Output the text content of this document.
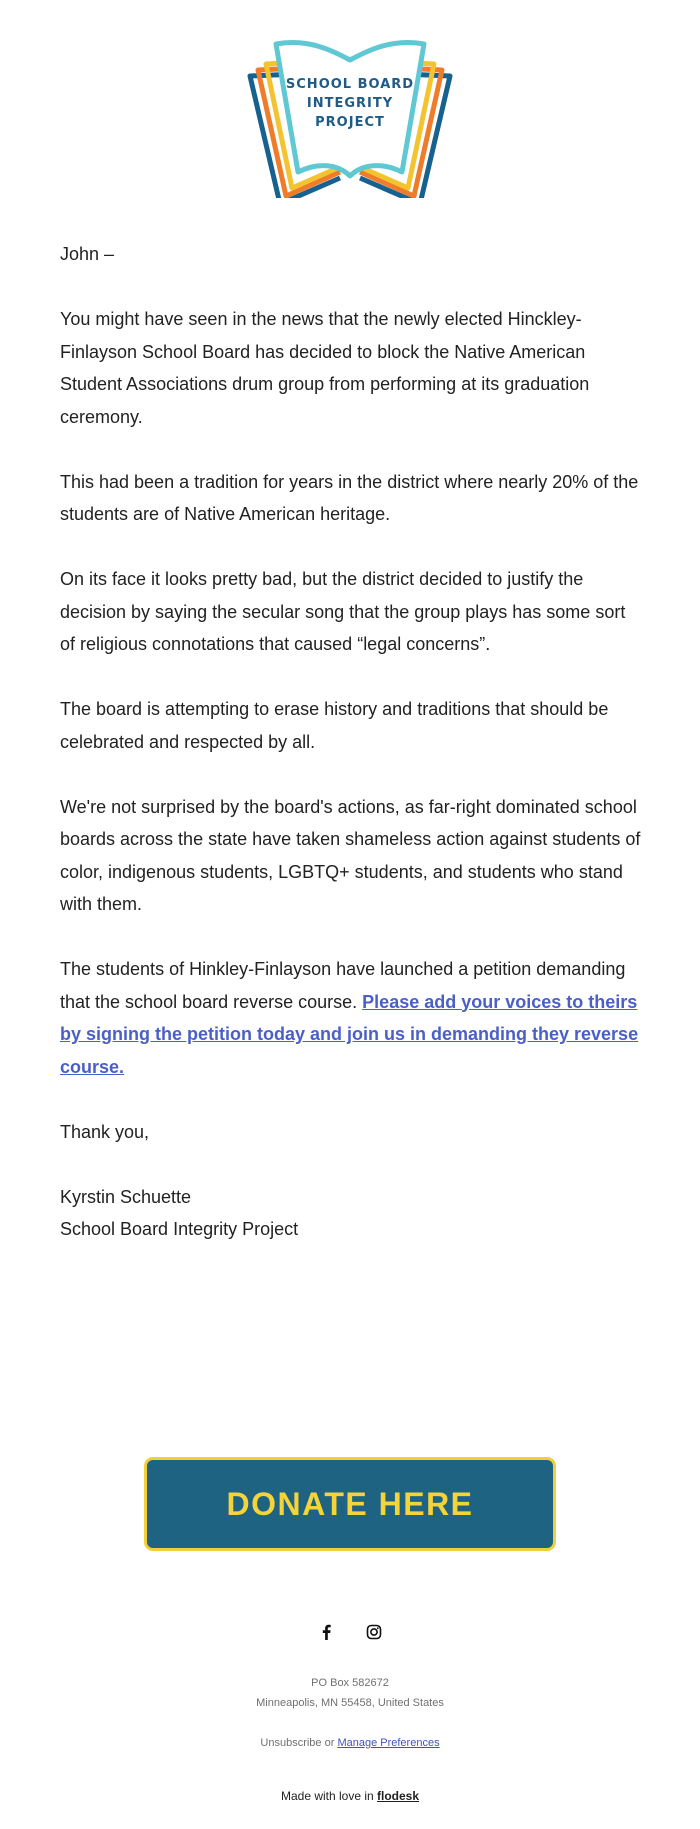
SCHOOL BOARD
INTEGRITY
PROJECT

John –

You might have seen in the news that the newly elected Hinckley-Finlayson School Board has decided to block the Native American Student Associations drum group from performing at its graduation ceremony.

This had been a tradition for years in the district where nearly 20% of the students are of Native American heritage.

On its face it looks pretty bad, but the district decided to justify the decision by saying the secular song that the group plays has some sort of religious connotations that caused “legal concerns”.

The board is attempting to erase history and traditions that should be celebrated and respected by all.

We're not surprised by the board's actions, as far-right dominated school boards across the state have taken shameless action against students of color, indigenous students, LGBTQ+ students, and students who stand with them.

The students of Hinkley-Finlayson have launched a petition demanding that the school board reverse course. Please add your voices to theirs by signing the petition today and join us in demanding they reverse course.

Thank you,

Kyrstin Schuette

School Board Integrity Project

DONATE HERE
PO Box 582672
Minneapolis, MN 55458, United States
Unsubscribe or Manage Preferences
Made with love in flodesk
